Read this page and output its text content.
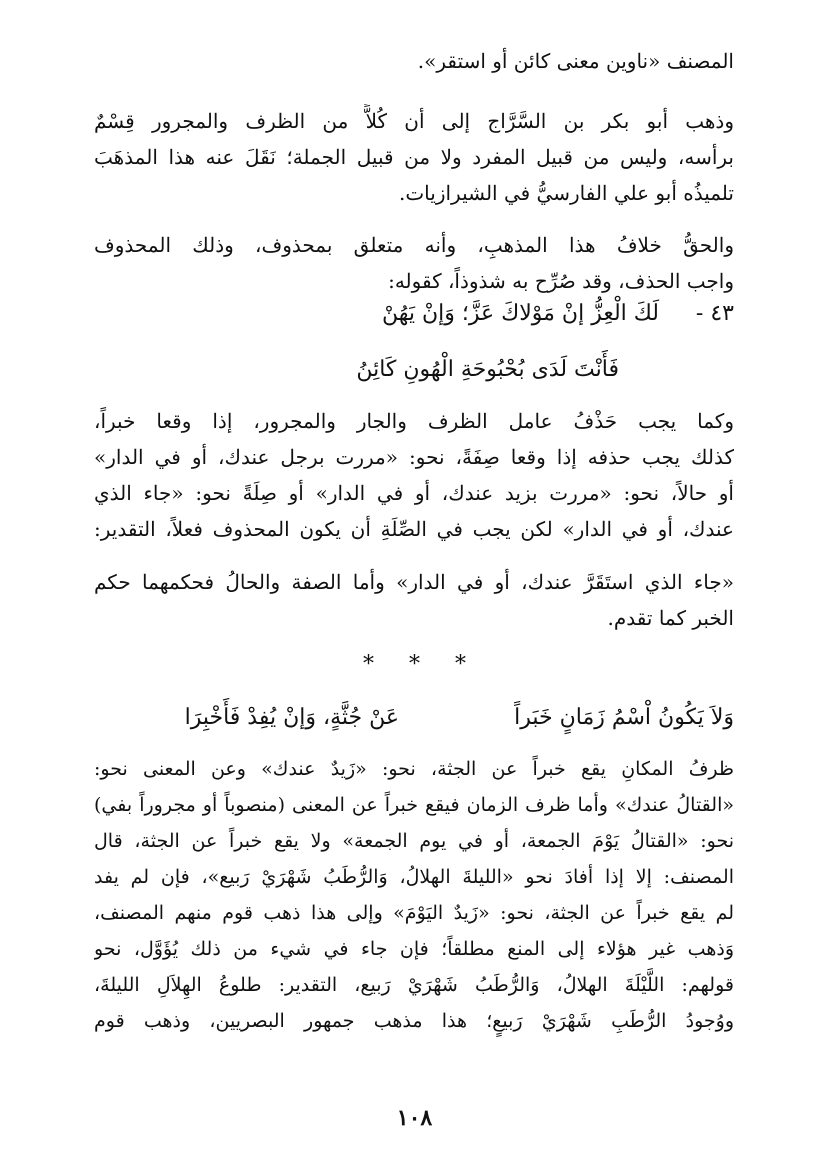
المصنف «ناوين معنى كائن أو استقر».
وذهب أبو بكر بن السَّرَّاج إلى أن كُلاًّ من الظرف والمجرور قِسْمٌ
برأسه، وليس من قبيل المفرد ولا من قبيل الجملة؛ نَقَلَ عنه هذا المذهَبَ
تلميذُه أبو علي الفارسيُّ في الشيرازيات.
والحقُّ خلافُ هذا المذهبِ، وأنه متعلق بمحذوف، وذلك المحذوف
واجب الحذف، وقد صُرِّح به شذوذاً، كقوله:
٤٣ -
لَكَ الْعِزُّ إنْ مَوْلاكَ عَزَّ؛ وَإنْ يَهُنْ
فَأَنْتَ لَدَى بُحْبُوحَةِ الْهُونِ كَائِنُ
وكما يجب حَذْفُ عامل الظرف والجار والمجرور، إذا وقعا خبراً،
كذلك يجب حذفه إذا وقعا صِفَةً، نحو: «مررت برجل عندك، أو في الدار»
أو حالاً، نحو: «مررت بزيد عندك، أو في الدار» أو صِلَةً نحو: «جاء الذي
عندك، أو في الدار» لكن يجب في الصِّلَةِ أن يكون المحذوف فعلاً، التقدير:
«جاء الذي استَقَرَّ عندك، أو في الدار» وأما الصفة والحالُ فحكمهما حكم
الخبر كما تقدم.
* * *
وَلاَ يَكُونُ اْسْمُ زَمَانٍ خَبَراً
عَنْ جُثَّةٍ، وَإنْ يُفِدْ فَأَخْبِرَا
ظرفُ المكانِ يقع خبراً عن الجثة، نحو: «زَيدٌ عندك» وعن المعنى نحو:
«القتالُ عندك» وأما ظرف الزمان فيقع خبراً عن المعنى (منصوباً أو مجروراً بفي)
نحو: «القتالُ يَوْمَ الجمعة، أو في يوم الجمعة» ولا يقع خبراً عن الجثة، قال
المصنف: إلا إذا أفادَ نحو «الليلةَ الهلالُ، وَالرُّطَبُ شَهْرَيْ رَبيع»، فإن لم يفد
لم يقع خبراً عن الجثة، نحو: «زَيدٌ اليَوْمَ» وإلى هذا ذهب قوم منهم المصنف،
وَذهب غير هؤلاء إلى المنع مطلقاً؛ فإن جاء في شيء من ذلك يُؤَوَّل، نحو
قولهم: اللَّيْلَةَ الهلالُ، وَالرُّطَبُ شَهْرَيْ رَبيع، التقدير: طلوعُ الهِلاَلِ الليلةَ،
ووُجودُ الرُّطَبِ شَهْرَيْ رَبيعٍ؛ هذا مذهب جمهور البصريين، وذهب قوم
١٠٨
